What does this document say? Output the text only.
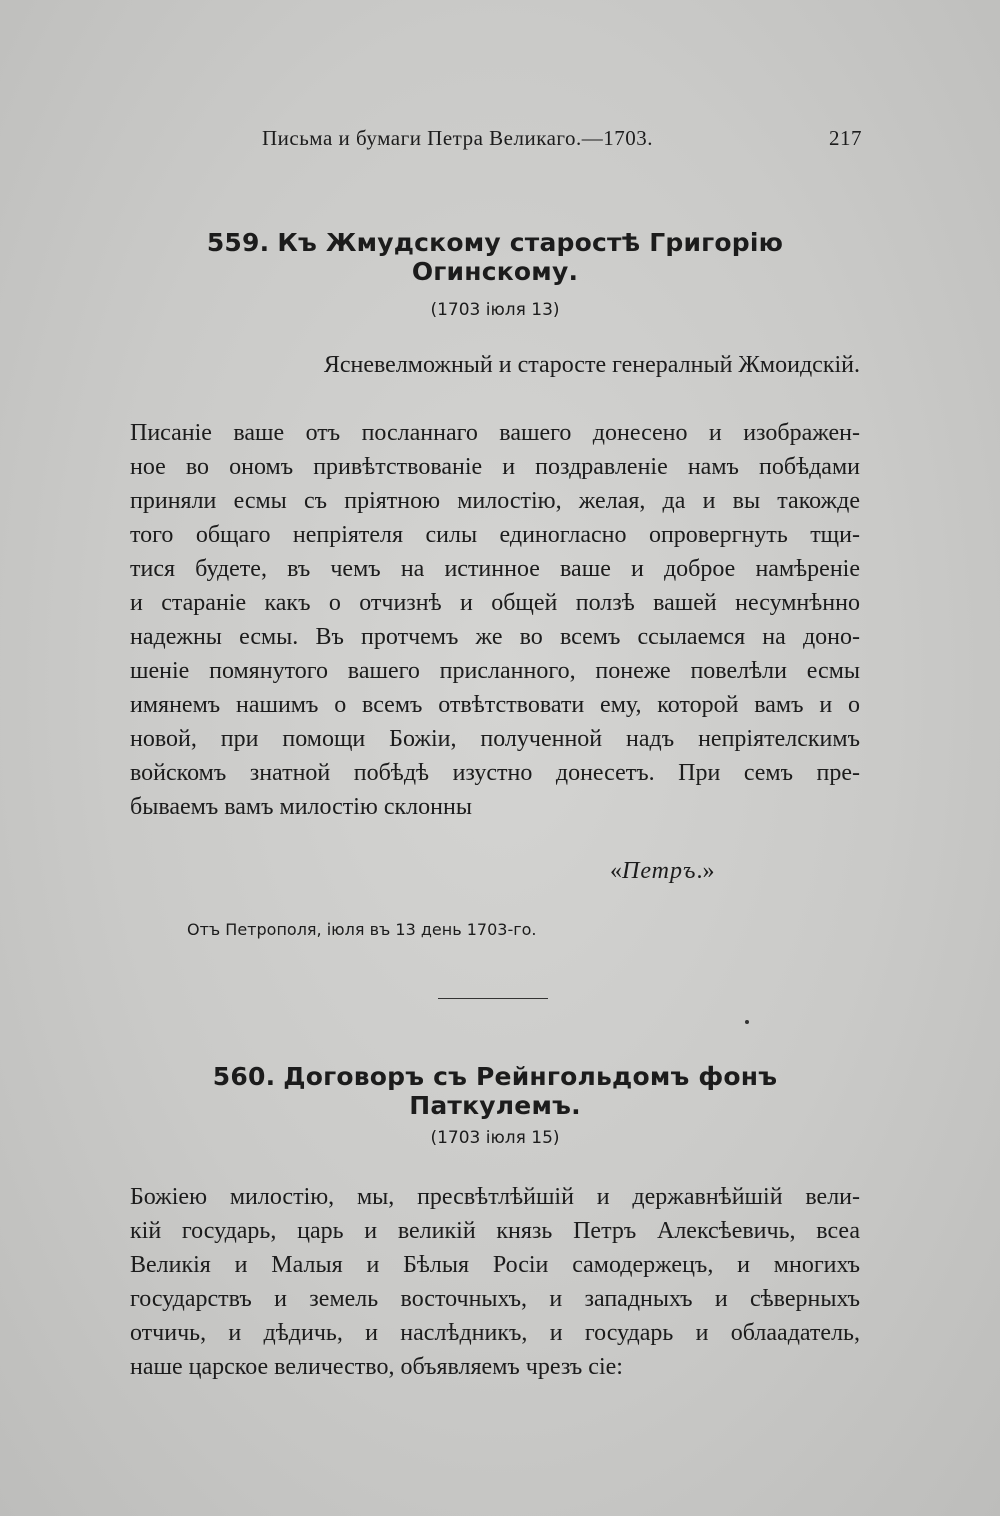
Письма и бумаги Петра Великаго.—1703.	217
559. Къ Жмудскому старостѣ Григорію Огинскому.
(1703 іюля 13)
Ясневелможный и старосте генералный Жмоидскій.
Писаніе ваше отъ посланнаго вашего донесено и изображен-
ное во ономъ привѣтствованіе и поздравленіе намъ побѣдами
приняли есмы съ пріятною милостію, желая, да и вы такожде
того общаго непріятеля силы единогласно опровергнуть тщи-
тися будете, въ чемъ на истинное ваше и доброе намѣреніе
и стараніе какъ о отчизнѣ и общей ползѣ вашей несумнѣнно
надежны есмы. Въ протчемъ же во всемъ ссылаемся на доно-
шеніе помянутого вашего присланного, понеже повелѣли есмы
имянемъ нашимъ о всемъ отвѣтствовати ему, которой вамъ и о
новой, при помощи Божіи, полученной надъ непріятелскимъ
войскомъ знатной побѣдѣ изустно донесетъ. При семъ пре-
бываемъ вамъ милостію склонны
«Петръ.»
Отъ Петрополя, іюля въ 13 день 1703-го.
560. Договоръ съ Рейнгольдомъ фонъ Паткулемъ.
(1703 іюля 15)
Божіею милостію, мы, пресвѣтлѣйшій и державнѣйшій вели-
кій государь, царь и великій князь Петръ Алексѣевичь, всеа
Великія и Малыя и Бѣлыя Росіи самодержецъ, и многихъ
государствъ и земель восточныхъ, и западныхъ и сѣверныхъ
отчичь, и дѣдичь, и наслѣдникъ, и государь и облаадатель,
наше царское величество, объявляемъ чрезъ сіе:
